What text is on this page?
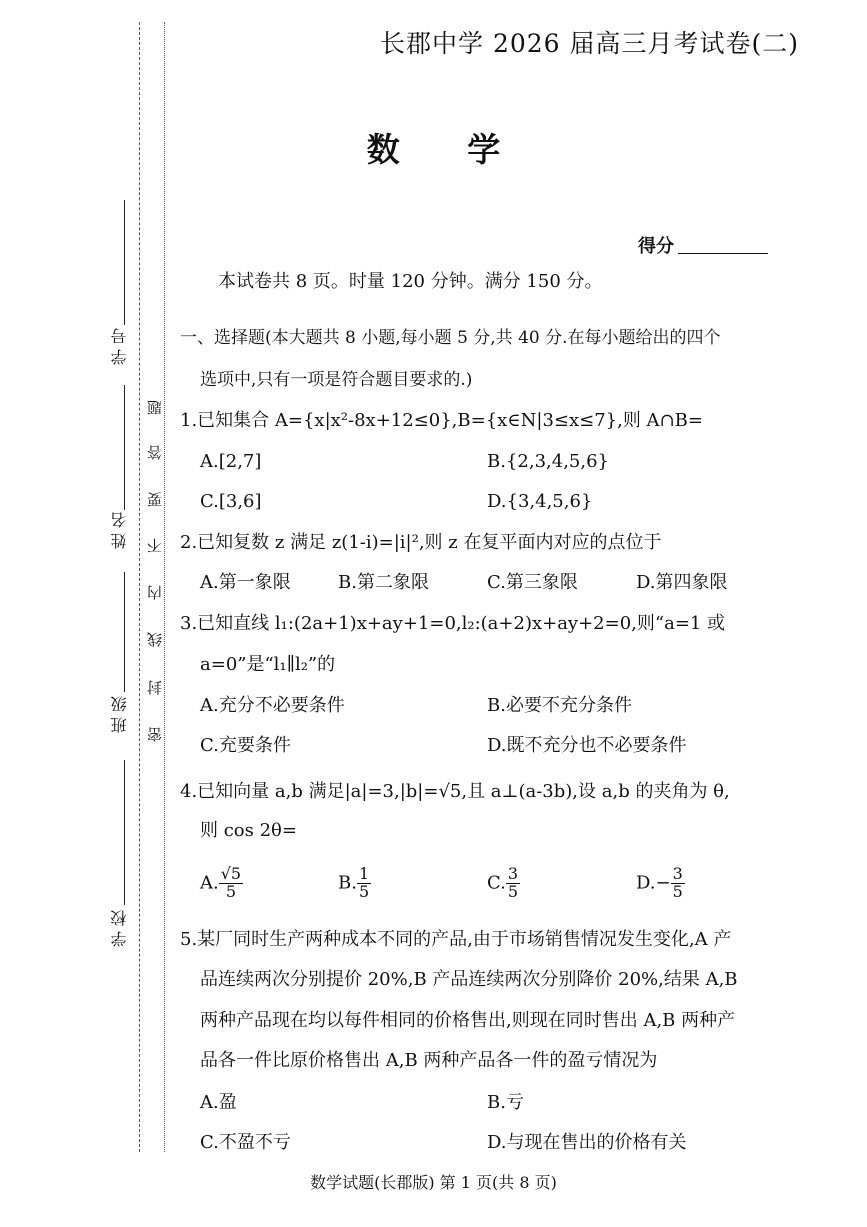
学 号
姓 名
班 级
学 校
题
答
要
不
内
线
封
密
长郡中学 2026 届高三月考试卷(二)
数 学
得分
本试卷共 8 页。时量 120 分钟。满分 150 分。
一、选择题(本大题共 8 小题,每小题 5 分,共 40 分.在每小题给出的四个
选项中,只有一项是符合题目要求的.)
1.已知集合 A={x|x²-8x+12≤0},B={x∈N|3≤x≤7},则 A∩B=
A.[2,7]	B.{2,3,4,5,6}
C.[3,6]	D.{3,4,5,6}
2.已知复数 z 满足 z(1-i)=|i|²,则 z 在复平面内对应的点位于
A.第一象限	B.第二象限	C.第三象限	D.第四象限
3.已知直线 l₁:(2a+1)x+ay+1=0,l₂:(a+2)x+ay+2=0,则“a=1 或
a=0”是“l₁∥l₂”的
A.充分不必要条件	B.必要不充分条件
C.充要条件	D.既不充分也不必要条件
4.已知向量 a,b 满足|a|=3,|b|=√5,且 a⊥(a-3b),设 a,b 的夹角为 θ,
则 cos 2θ=
A. $\frac{√5}{5}$	B. $\frac{1}{5}$	C. $\frac{3}{5}$	$D.- \frac{3}{5}$
5.某厂同时生产两种成本不同的产品,由于市场销售情况发生变化,A 产
品连续两次分别提价 20%,B 产品连续两次分别降价 20%,结果 A,B
两种产品现在均以每件相同的价格售出,则现在同时售出 A,B 两种产
品各一件比原价格售出 A,B 两种产品各一件的盈亏情况为
A.盈	B.亏
C.不盈不亏	D.与现在售出的价格有关
数学试题(长郡版) 第 1 页(共 8 页)
